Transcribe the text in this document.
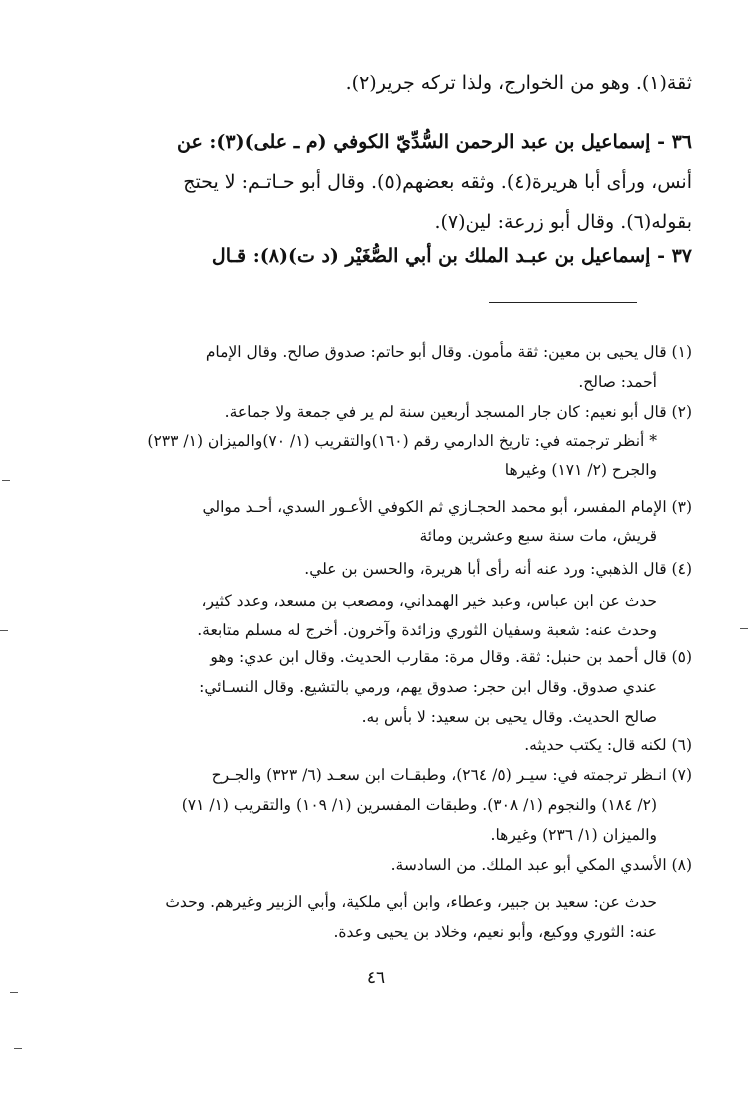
ثقة(١). وهو من الخوارج، ولذا تركه جرير(٢).
٣٦ - إسماعيل بن عبد الرحمن السُّدِّيّ الكوفي (م ـ على)(٣): عن
أنس، ورأى أبا هريرة(٤). وثقه بعضهم(٥). وقال أبو حـاتـم: لا يحتج
بقوله(٦). وقال أبو زرعة: لين(٧).
٣٧ - إسماعيل بن عبـد الملك بن أبي الصُّغَيْر (د ت)(٨): قـال
(١) قال يحيى بن معين: ثقة مأمون. وقال أبو حاتم: صدوق صالح. وقال الإمام
أحمد: صالح.
(٢) قال أبو نعيم: كان جار المسجد أربعين سنة لم ير في جمعة ولا جماعة.
* أنظر ترجمته في: تاريخ الدارمي رقم (١٦٠)والتقريب (١/ ٧٠)والميزان (١/ ٢٣٣)
والجرح (٢/ ١٧١) وغيرها
(٣) الإمام المفسر، أبو محمد الحجـازي ثم الكوفي الأعـور السدي، أحـد موالي
قريش، مات سنة سبع وعشرين ومائة
(٤) قال الذهبي: ورد عنه أنه رأى أبا هريرة، والحسن بن علي.
حدث عن ابن عباس، وعبد خير الهمداني، ومصعب بن مسعد، وعدد كثير،
وحدث عنه: شعبة وسفيان الثوري وزائدة وآخرون. أخرج له مسلم متابعة.
(٥) قال أحمد بن حنبل: ثقة. وقال مرة: مقارب الحديث. وقال ابن عدي: وهو
عندي صدوق. وقال ابن حجر: صدوق يهم، ورمي بالتشيع. وقال النسـائي:
صالح الحديث. وقال يحيى بن سعيد: لا بأس به.
(٦) لكنه قال: يكتب حديثه.
(٧) انـظر ترجمته في: سيـر (٥/ ٢٦٤)، وطبقـات ابن سعـد (٦/ ٣٢٣) والجـرح
(٢/ ١٨٤) والنجوم (١/ ٣٠٨). وطبقات المفسرين (١/ ١٠٩) والتقريب (١/ ٧١)
والميزان (١/ ٢٣٦) وغيرها.
(٨) الأسدي المكي أبو عبد الملك. من السادسة.
حدث عن: سعيد بن جبير، وعطاء، وابن أبي ملكية، وأبي الزبير وغيرهم. وحدث
عنه: الثوري ووكيع، وأبو نعيم، وخلاد بن يحيى وعدة.
٤٦
